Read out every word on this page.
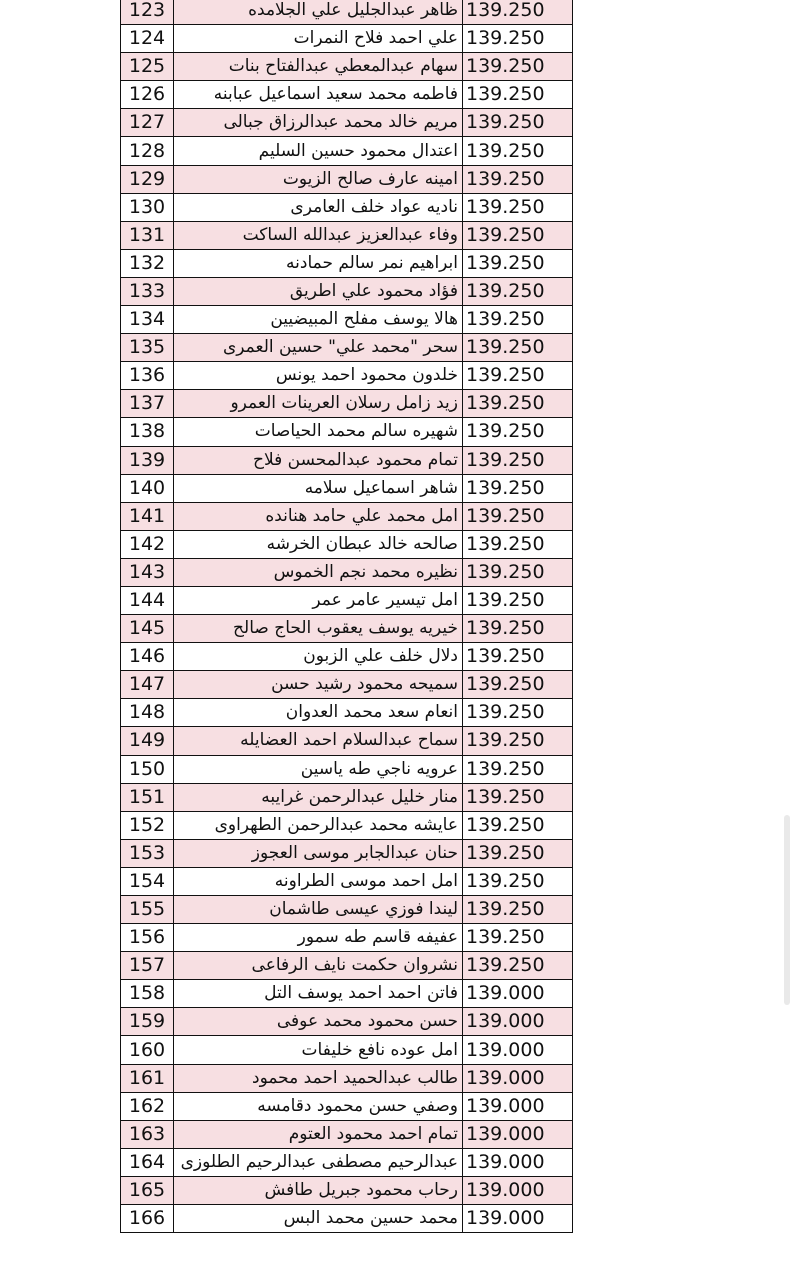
123	ظاهر عبدالجليل علي الجلامده	139.250
124	علي احمد فلاح النمرات	139.250
125	سهام عبدالمعطي عبدالفتاح بنات	139.250
126	فاطمه محمد سعيد اسماعيل عبابنه	139.250
127	مريم خالد محمد عبدالرزاق جبالى	139.250
128	اعتدال محمود حسين السليم	139.250
129	امينه عارف صالح الزيوت	139.250
130	ناديه عواد خلف العامرى	139.250
131	وفاء عبدالعزيز عبدالله الساكت	139.250
132	ابراهيم نمر سالم حمادنه	139.250
133	فؤاد محمود علي اطريق	139.250
134	هالا يوسف مفلح المبيضيين	139.250
135	سحر "محمد علي" حسين العمرى	139.250
136	خلدون محمود احمد يونس	139.250
137	زيد زامل رسلان العرينات العمرو	139.250
138	شهيره سالم محمد الحياصات	139.250
139	تمام محمود عبدالمحسن فلاح	139.250
140	شاهر اسماعيل سلامه	139.250
141	امل محمد علي حامد هنانده	139.250
142	صالحه خالد عبطان الخرشه	139.250
143	نظيره محمد نجم الخموس	139.250
144	امل تيسير عامر عمر	139.250
145	خيريه يوسف يعقوب الحاج صالح	139.250
146	دلال خلف علي الزبون	139.250
147	سميحه محمود رشيد حسن	139.250
148	انعام سعد محمد العدوان	139.250
149	سماح عبدالسلام احمد العضايله	139.250
150	عرويه ناجي طه ياسين	139.250
151	منار خليل عبدالرحمن غرايبه	139.250
152	عايشه محمد عبدالرحمن الطهراوى	139.250
153	حنان عبدالجابر موسى العجوز	139.250
154	امل احمد موسى الطراونه	139.250
155	ليندا فوزي عيسى طاشمان	139.250
156	عفيفه قاسم طه سمور	139.250
157	نشروان حكمت نايف الرفاعى	139.250
158	فاتن احمد احمد يوسف التل	139.000
159	حسن محمود محمد عوفى	139.000
160	امل عوده نافع خليفات	139.000
161	طالب عبدالحميد احمد محمود	139.000
162	وصفي حسن محمود دقامسه	139.000
163	تمام احمد محمود العتوم	139.000
164	عبدالرحيم مصطفى عبدالرحيم الطلوزى	139.000
165	رحاب محمود جبريل طافش	139.000
166	محمد حسين محمد البس	139.000
